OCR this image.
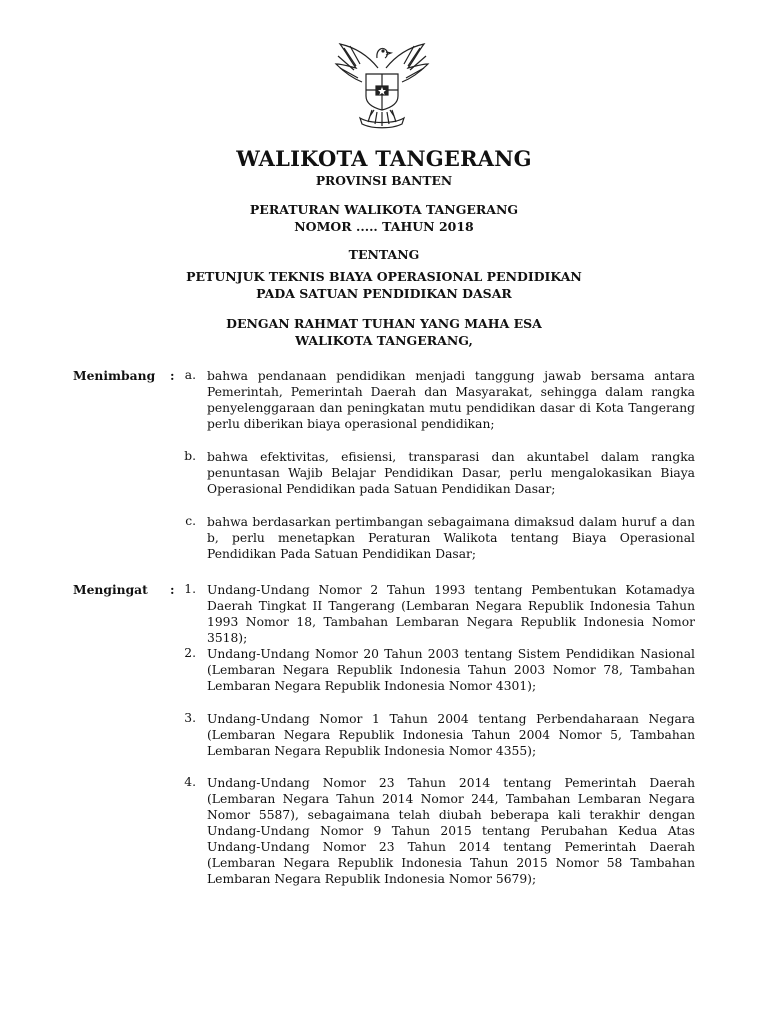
WALIKOTA TANGERANG
PROVINSI BANTEN
PERATURAN WALIKOTA TANGERANG
NOMOR ..... TAHUN 2018
TENTANG
PETUNJUK TEKNIS BIAYA OPERASIONAL PENDIDIKAN
PADA SATUAN PENDIDIKAN DASAR
DENGAN RAHMAT TUHAN YANG MAHA ESA
WALIKOTA TANGERANG,
Menimbang : a. bahwa pendanaan pendidikan menjadi tanggung jawab bersama antara Pemerintah, Pemerintah Daerah dan Masyarakat, sehingga dalam rangka penyelenggaraan dan peningkatan mutu pendidikan dasar di Kota Tangerang perlu diberikan biaya operasional pendidikan;
b. bahwa efektivitas, efisiensi, transparasi dan akuntabel dalam rangka penuntasan Wajib Belajar Pendidikan Dasar, perlu mengalokasikan Biaya Operasional Pendidikan pada Satuan Pendidikan Dasar;
c. bahwa berdasarkan pertimbangan sebagaimana dimaksud dalam huruf a dan b, perlu menetapkan Peraturan Walikota tentang Biaya Operasional Pendidikan Pada Satuan Pendidikan Dasar;
Mengingat : 1. Undang-Undang Nomor 2 Tahun 1993 tentang Pembentukan Kotamadya Daerah Tingkat II Tangerang (Lembaran Negara Republik Indonesia Tahun 1993 Nomor 18, Tambahan Lembaran Negara Republik Indonesia Nomor 3518);
2. Undang-Undang Nomor 20 Tahun 2003 tentang Sistem Pendidikan Nasional (Lembaran Negara Republik Indonesia Tahun 2003 Nomor 78, Tambahan Lembaran Negara Republik Indonesia Nomor 4301);
3. Undang-Undang Nomor 1 Tahun 2004 tentang Perbendaharaan Negara (Lembaran Negara Republik Indonesia Tahun 2004 Nomor 5, Tambahan Lembaran Negara Republik Indonesia Nomor 4355);
4. Undang-Undang Nomor 23 Tahun 2014 tentang Pemerintah Daerah (Lembaran Negara Tahun 2014 Nomor 244, Tambahan Lembaran Negara Nomor 5587), sebagaimana telah diubah beberapa kali terakhir dengan Undang-Undang Nomor 9 Tahun 2015 tentang Perubahan Kedua Atas Undang-Undang Nomor 23 Tahun 2014 tentang Pemerintah Daerah (Lembaran Negara Republik Indonesia Tahun 2015 Nomor 58 Tambahan Lembaran Negara Republik Indonesia Nomor 5679);
